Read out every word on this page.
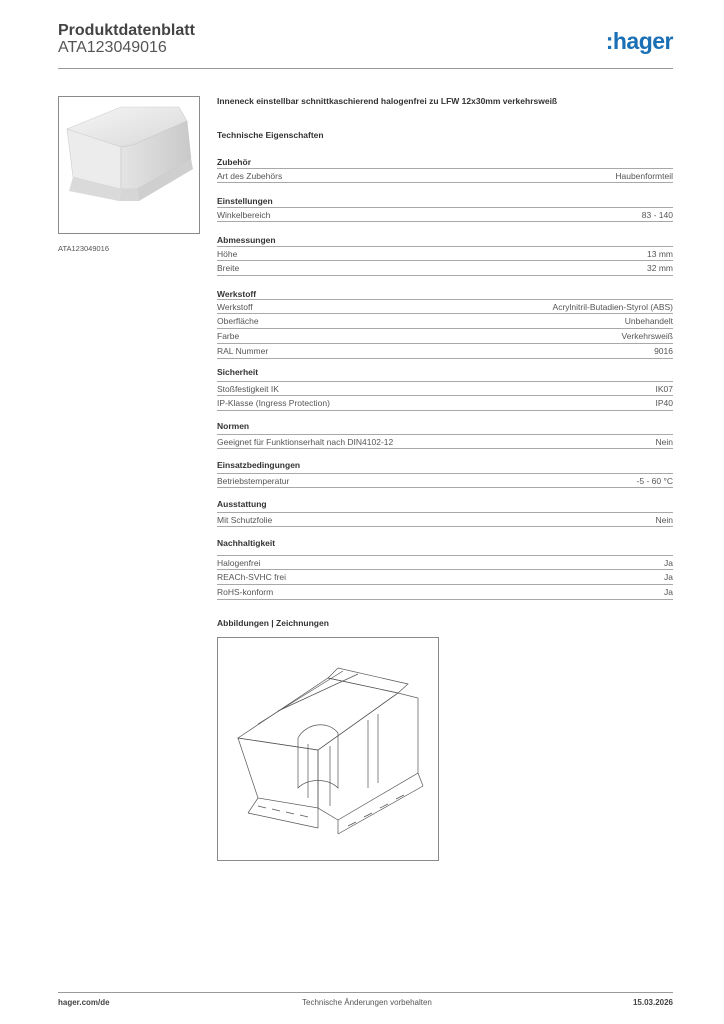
Produktdatenblatt
ATA123049016	:hager
ATA123049016
Inneneck einstellbar schnittkaschierend halogenfrei zu LFW 12x30mm verkehrsweiß
Technische Eigenschaften
Zubehör
Art des Zubehörs	Haubenformteil
Einstellungen
Winkelbereich	83 - 140
Abmessungen
Höhe	13 mm
Breite	32 mm
Werkstoff
Werkstoff	Acrylnitril-Butadien-Styrol (ABS)
Oberfläche	Unbehandelt
Farbe	Verkehrsweiß
RAL Nummer	9016
Sicherheit
Stoßfestigkeit IK	IK07
IP-Klasse (Ingress Protection)	IP40
Normen
Geeignet für Funktionserhalt nach DIN4102-12	Nein
Einsatzbedingungen
Betriebstemperatur	-5 - 60 °C
Ausstattung
Mit Schutzfolie	Nein
Nachhaltigkeit
Halogenfrei	Ja
REACh-SVHC frei	Ja
RoHS-konform	Ja
Abbildungen | Zeichnungen
hager.com/de	Technische Änderungen vorbehalten	15.03.2026
